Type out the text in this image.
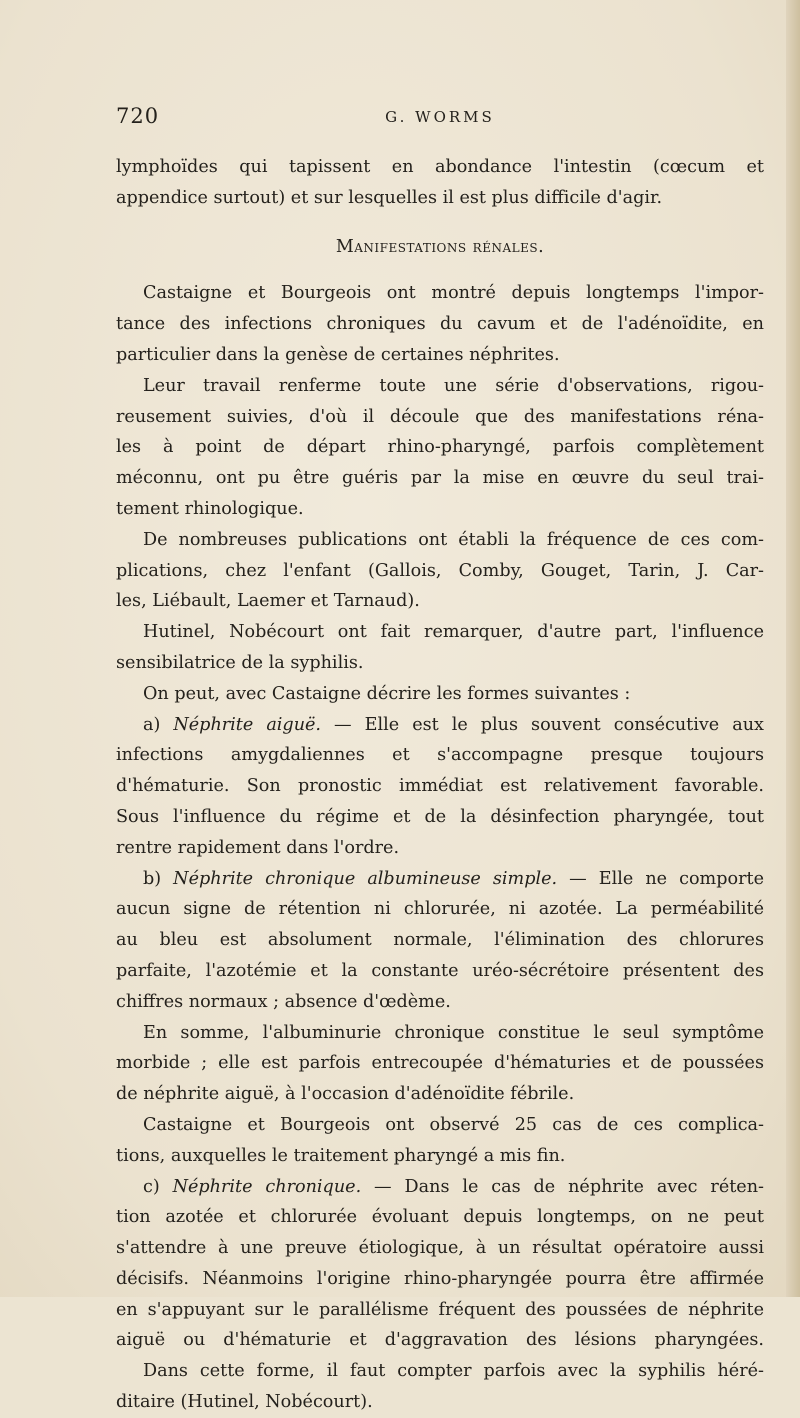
720	G. WORMS
lymphoïdes qui tapissent en abondance l'intestin (cœcum et
appendice surtout) et sur lesquelles il est plus difficile d'agir.
Manifestations rénales.
Castaigne et Bourgeois ont montré depuis longtemps l'impor-
tance des infections chroniques du cavum et de l'adénoïdite, en
particulier dans la genèse de certaines néphrites.
Leur travail renferme toute une série d'observations, rigou-
reusement suivies, d'où il découle que des manifestations réna-
les à point de départ rhino-pharyngé, parfois complètement
méconnu, ont pu être guéris par la mise en œuvre du seul trai-
tement rhinologique.
De nombreuses publications ont établi la fréquence de ces com-
plications, chez l'enfant (Gallois, Comby, Gouget, Tarin, J. Car-
les, Liébault, Laemer et Tarnaud).
Hutinel, Nobécourt ont fait remarquer, d'autre part, l'influence
sensibilatrice de la syphilis.
On peut, avec Castaigne décrire les formes suivantes :
a) Néphrite aiguë. — Elle est le plus souvent consécutive aux
infections amygdaliennes et s'accompagne presque toujours
d'hématurie. Son pronostic immédiat est relativement favorable.
Sous l'influence du régime et de la désinfection pharyngée, tout
rentre rapidement dans l'ordre.
b) Néphrite chronique albumineuse simple. — Elle ne comporte
aucun signe de rétention ni chlorurée, ni azotée. La perméabilité
au bleu est absolument normale, l'élimination des chlorures
parfaite, l'azotémie et la constante uréo-sécrétoire présentent des
chiffres normaux ; absence d'œdème.
En somme, l'albuminurie chronique constitue le seul symptôme
morbide ; elle est parfois entrecoupée d'hématuries et de poussées
de néphrite aiguë, à l'occasion d'adénoïdite fébrile.
Castaigne et Bourgeois ont observé 25 cas de ces complica-
tions, auxquelles le traitement pharyngé a mis fin.
c) Néphrite chronique. — Dans le cas de néphrite avec réten-
tion azotée et chlorurée évoluant depuis longtemps, on ne peut
s'attendre à une preuve étiologique, à un résultat opératoire aussi
décisifs. Néanmoins l'origine rhino-pharyngée pourra être affirmée
en s'appuyant sur le parallélisme fréquent des poussées de néphrite
aiguë ou d'hématurie et d'aggravation des lésions pharyngées.
Dans cette forme, il faut compter parfois avec la syphilis héré-
ditaire (Hutinel, Nobécourt).
